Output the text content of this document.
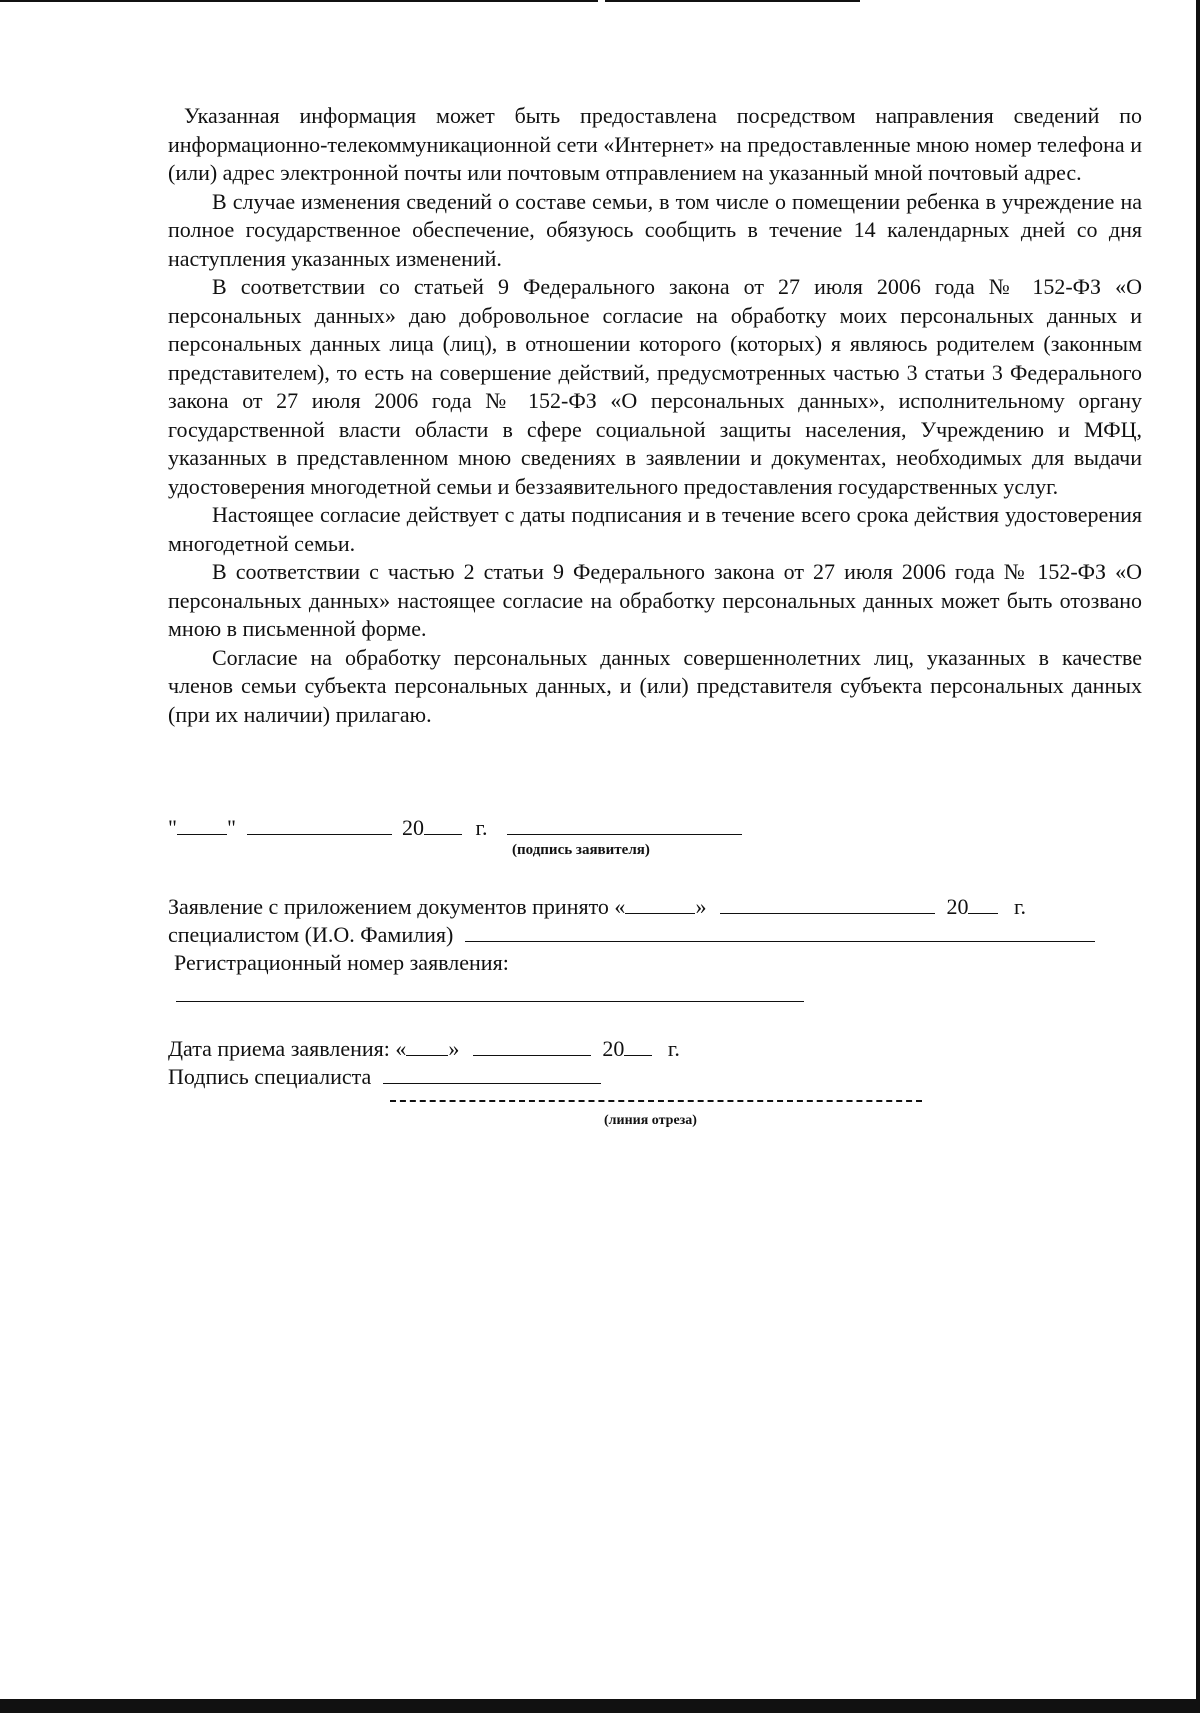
Указанная информация может быть предоставлена посредством направления сведений по информационно-телекоммуникационной сети «Интернет» на предоставленные мною номер телефона и (или) адрес электронной почты или почтовым отправлением на указанный мной почтовый адрес.

В случае изменения сведений о составе семьи, в том числе о помещении ребенка в учреждение на полное государственное обеспечение, обязуюсь сообщить в течение 14 календарных дней со дня наступления указанных изменений.

В соответствии со статьей 9 Федерального закона от 27 июля 2006 года № 152-ФЗ «О персональных данных» даю добровольное согласие на обработку моих персональных данных и персональных данных лица (лиц), в отношении которого (которых) я являюсь родителем (законным представителем), то есть на совершение действий, предусмотренных частью 3 статьи 3 Федерального закона от 27 июля 2006 года № 152-ФЗ «О персональных данных», исполнительному органу государственной власти области в сфере социальной защиты населения, Учреждению и МФЦ, указанных в представленном мною сведениях в заявлении и документах, необходимых для выдачи удостоверения многодетной семьи и беззаявительного предоставления государственных услуг.

Настоящее согласие действует с даты подписания и в течение всего срока действия удостоверения многодетной семьи.

В соответствии с частью 2 статьи 9 Федерального закона от 27 июля 2006 года № 152-ФЗ «О персональных данных» настоящее согласие на обработку персональных данных может быть отозвано мною в письменной форме.

Согласие на обработку персональных данных совершеннолетних лиц, указанных в качестве членов семьи субъекта персональных данных, и (или) представителя субъекта персональных данных (при их наличии) прилагаю.

" "	20 г.
(подпись заявителя)
Заявление с приложением документов принято «	»	20 г.
специалистом (И.О. Фамилия)
Регистрационный номер заявления:
Дата приема заявления: « »	20 г.
Подпись специалиста
(линия отреза)
